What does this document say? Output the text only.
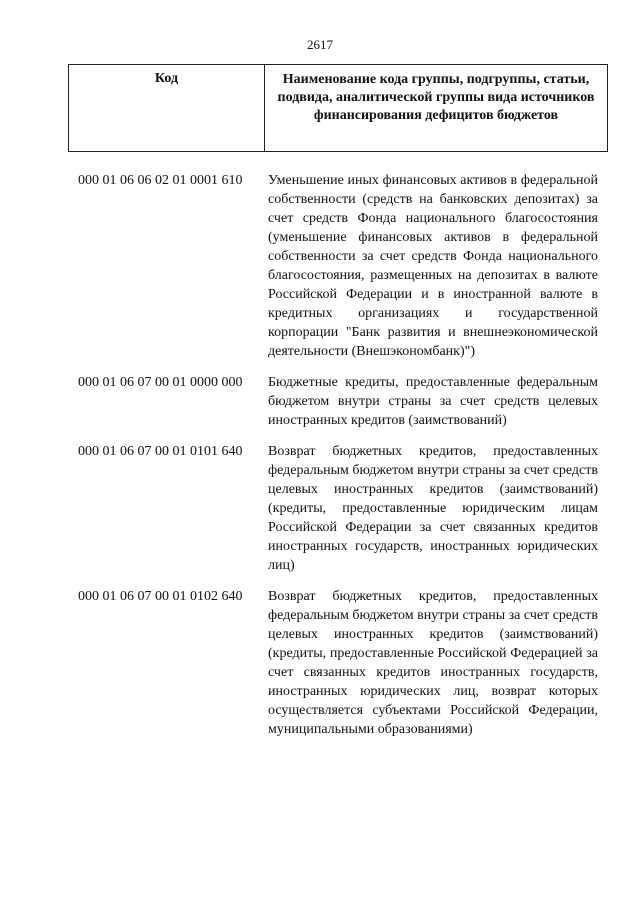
2617
Код	Наименование кода группы, подгруппы, статьи, подвида, аналитической группы вида источников финансирования дефицитов бюджетов
000 01 06 06 02 01 0001 610	Уменьшение иных финансовых активов в федеральной собственности (средств на банковских депозитах) за счет средств Фонда национального благосостояния (уменьшение финансовых активов в федеральной собственности за счет средств Фонда национального благосостояния, размещенных на депозитах в валюте Российской Федерации и в иностранной валюте в кредитных организациях и государственной корпорации "Банк развития и внешнеэкономической деятельности (Внешэкономбанк)")
000 01 06 07 00 01 0000 000	Бюджетные кредиты, предоставленные федеральным бюджетом внутри страны за счет средств целевых иностранных кредитов (заимствований)
000 01 06 07 00 01 0101 640	Возврат бюджетных кредитов, предоставленных федеральным бюджетом внутри страны за счет средств целевых иностранных кредитов (заимствований) (кредиты, предоставленные юридическим лицам Российской Федерации за счет связанных кредитов иностранных государств, иностранных юридических лиц)
000 01 06 07 00 01 0102 640	Возврат бюджетных кредитов, предоставленных федеральным бюджетом внутри страны за счет средств целевых иностранных кредитов (заимствований) (кредиты, предоставленные Российской Федерацией за счет связанных кредитов иностранных государств, иностранных юридических лиц, возврат которых осуществляется субъектами Российской Федерации, муниципальными образованиями)
